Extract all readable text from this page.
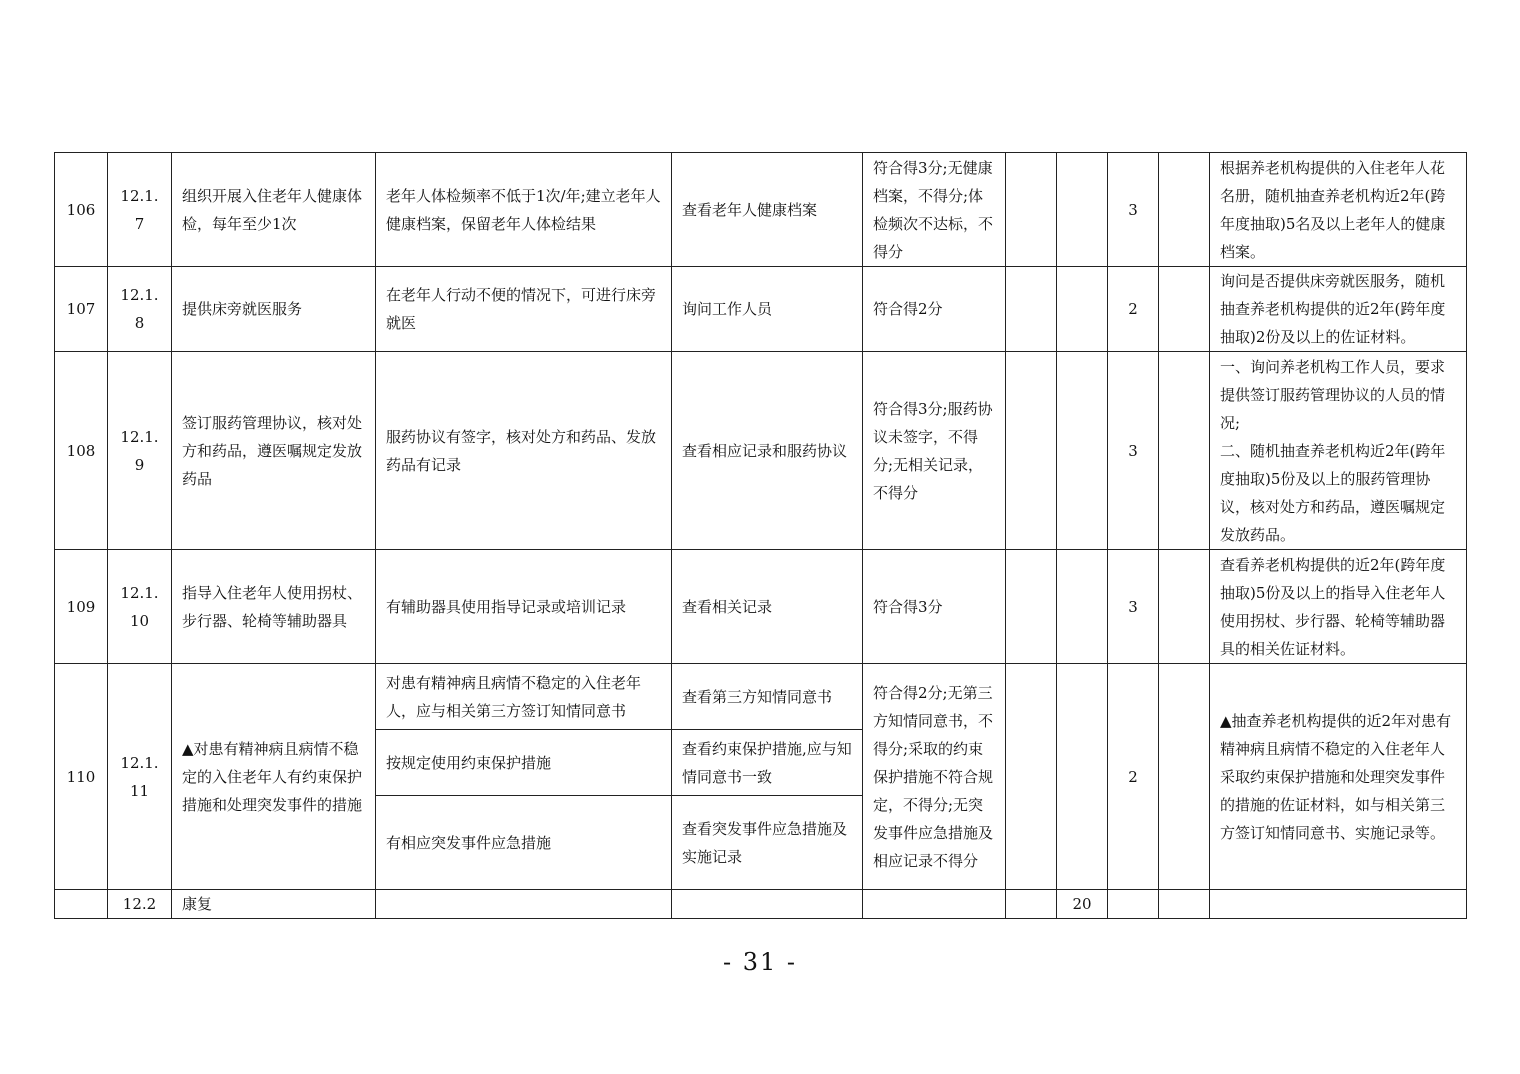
106	12.1.7	组织开展入住老年人健康体检，每年至少1次	老年人体检频率不低于1次/年;建立老年人健康档案，保留老年人体检结果	查看老年人健康档案	符合得3分;无健康档案，不得分;体检频次不达标，不得分			3		根据养老机构提供的入住老年人花名册，随机抽查养老机构近2年(跨年度抽取)5名及以上老年人的健康档案。
107	12.1.8	提供床旁就医服务	在老年人行动不便的情况下，可进行床旁就医	询问工作人员	符合得2分			2		询问是否提供床旁就医服务，随机抽查养老机构提供的近2年(跨年度抽取)2份及以上的佐证材料。
108	12.1.9	签订服药管理协议，核对处方和药品，遵医嘱规定发放药品	服药协议有签字，核对处方和药品、发放药品有记录	查看相应记录和服药协议	符合得3分;服药协议未签字，不得分;无相关记录，不得分			3		一、询问养老机构工作人员，要求提供签订服药管理协议的人员的情况;
二、随机抽查养老机构近2年(跨年度抽取)5份及以上的服药管理协议，核对处方和药品，遵医嘱规定发放药品。
109	12.1.10	指导入住老年人使用拐杖、步行器、轮椅等辅助器具	有辅助器具使用指导记录或培训记录	查看相关记录	符合得3分			3		查看养老机构提供的近2年(跨年度抽取)5份及以上的指导入住老年人使用拐杖、步行器、轮椅等辅助器具的相关佐证材料。
110	12.1.11	▲对患有精神病且病情不稳定的入住老年人有约束保护措施和处理突发事件的措施	对患有精神病且病情不稳定的入住老年人，应与相关第三方签订知情同意书	查看第三方知情同意书	符合得2分;无第三方知情同意书，不得分;采取的约束保护措施不符合规定，不得分;无突发事件应急措施及相应记录不得分			2		▲抽查养老机构提供的近2年对患有精神病且病情不稳定的入住老年人采取约束保护措施和处理突发事件的措施的佐证材料，如与相关第三方签订知情同意书、实施记录等。
			按规定使用约束保护措施	查看约束保护措施,应与知情同意书一致						
			有相应突发事件应急措施	查看突发事件应急措施及实施记录						
	12.2	康复					20			
- 31 -
